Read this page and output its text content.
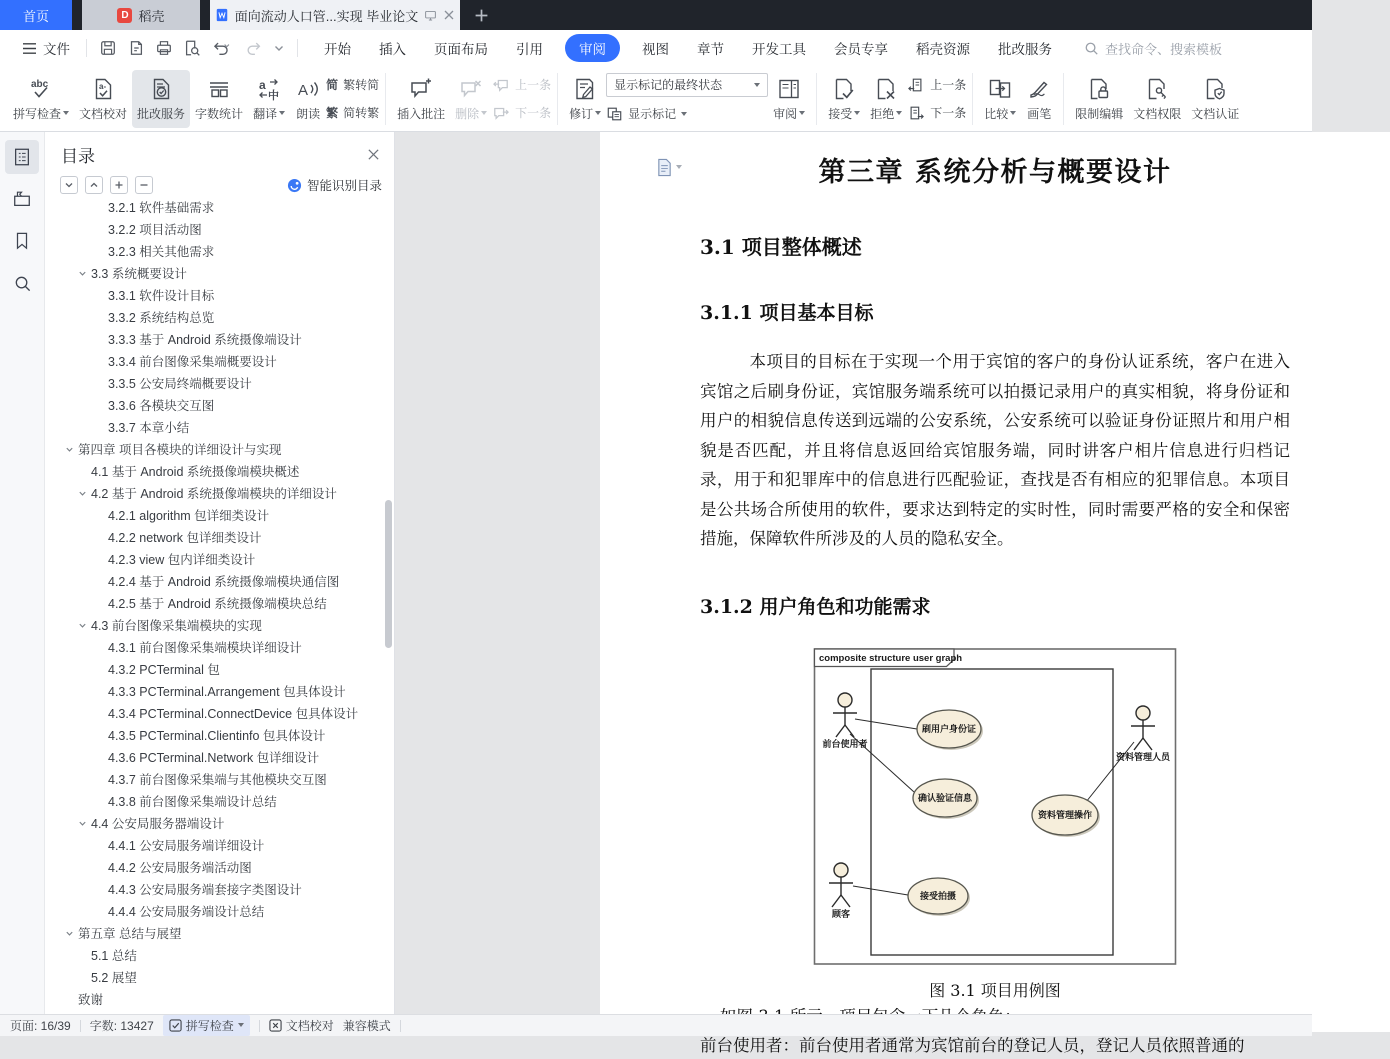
首页	D 稻壳	面向流动人口管...实现 毕业论文
文件	开始	插入	页面布局	引用	审阅	视图	章节	开发工具	会员专享	稻壳资源	批改服务	查找命令、搜索模板
abc
拼写检查
a-
文档校对 批改服务 字数统计
a
中
翻译
A
朗读
简 繁转简
繁 简转繁 插入批注 删除
上一条
下一条 修订
显示标记的最终状态
显示标记	审阅	接受 拒绝
上一条
下一条 比较 画笔 限制编辑 文档权限 文档认证
目录
智能识别目录
3.2.1 软件基础需求
3.2.2 项目活动图
3.2.3 相关其他需求
3.3 系统概要设计
3.3.1 软件设计目标
3.3.2 系统结构总览
3.3.3 基于 Android 系统摄像端设计
3.3.4 前台图像采集端概要设计
3.3.5 公安局终端概要设计
3.3.6 各模块交互图
3.3.7 本章小结
第四章 项目各模块的详细设计与实现
4.1 基于 Android 系统摄像端模块概述
4.2 基于 Android 系统摄像端模块的详细设计
4.2.1 algorithm 包详细类设计
4.2.2 network 包详细类设计
4.2.3 view 包内详细类设计
4.2.4 基于 Android 系统摄像端模块通信图
4.2.5 基于 Android 系统摄像端模块总结
4.3 前台图像采集端模块的实现
4.3.1 前台图像采集端模块详细设计
4.3.2 PCTerminal 包
4.3.3 PCTerminal.Arrangement 包具体设计
4.3.4 PCTerminal.ConnectDevice 包具体设计
4.3.5 PCTerminal.Clientinfo 包具体设计
4.3.6 PCTerminal.Network 包详细设计
4.3.7 前台图像采集端与其他模块交互图
4.3.8 前台图像采集端设计总结
4.4 公安局服务器端设计
4.4.1 公安局服务端详细设计
4.4.2 公安局服务端活动图
4.4.3 公安局服务端套接字类图设计
4.4.4 公安局服务端设计总结
第五章 总结与展望
5.1 总结
5.2 展望
致谢
第三章 系统分析与概要设计
3.1 项目整体概述
3.1.1 项目基本目标

本项目的目标在于实现一个用于宾馆的客户的身份认证系统，客户在进入宾馆之后刷身份证，宾馆服务端系统可以拍摄记录用户的真实相貌，将身份证和用户的相貌信息传送到远端的公安系统，公安系统可以验证身份证照片和用户相貌是否匹配，并且将信息返回给宾馆服务端，同时讲客户相片信息进行归档记录，用于和犯罪库中的信息进行匹配验证，查找是否有相应的犯罪信息。本项目是公共场合所使用的软件，要求达到特定的实时性，同时需要严格的安全和保密措施，保障软件所涉及的人员的隐私安全。

3.1.2 用户角色和功能需求
composite structure user graph
刷用户身份证
确认验证信息
资料管理操作
接受拍摄
前台使用者
资料管理人员
顾客

图 3.1 项目用例图

前台使用者：前台使用者通常为宾馆前台的登记人员，登记人员依照普通的

页面: 16/39 字数: 13427	拼写检查	文档校对 兼容模式
